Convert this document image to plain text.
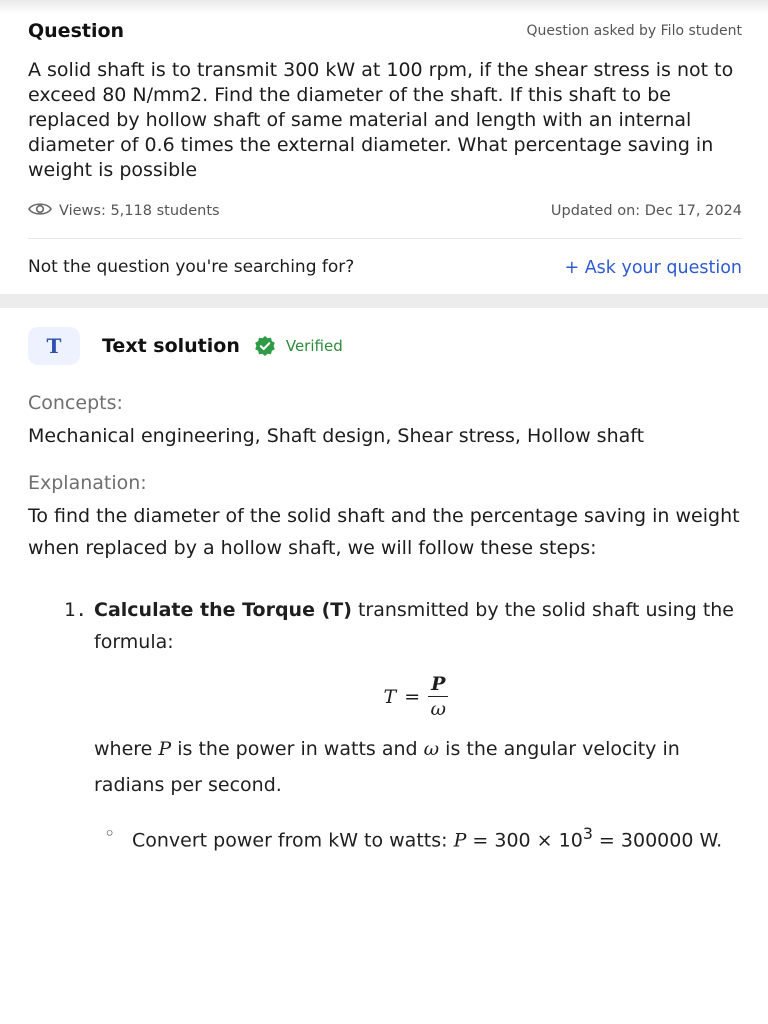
Question	Question asked by Filo student
A solid shaft is to transmit 300 kW at 100 rpm, if the shear stress is not to exceed 80 N/mm2. Find the diameter of the shaft. If this shaft to be replaced by hollow shaft of same material and length with an internal diameter of 0.6 times the external diameter. What percentage saving in weight is possible
Views: 5,118 students	Updated on: Dec 17, 2024
Not the question you're searching for?	+ Ask your question
T	Text solution	Verified
Concepts:
Mechanical engineering, Shaft design, Shear stress, Hollow shaft
Explanation:
To find the diameter of the solid shaft and the percentage saving in weight when replaced by a hollow shaft, we will follow these steps:
1. Calculate the Torque (T) transmitted by the solid shaft using the formula:
$T = \frac{P}{\omega}$
where P is the power in watts and ω is the angular velocity in radians per second.
◦ Convert power from kW to watts: $P = 300 \times 10^3 = 300000$ W.
